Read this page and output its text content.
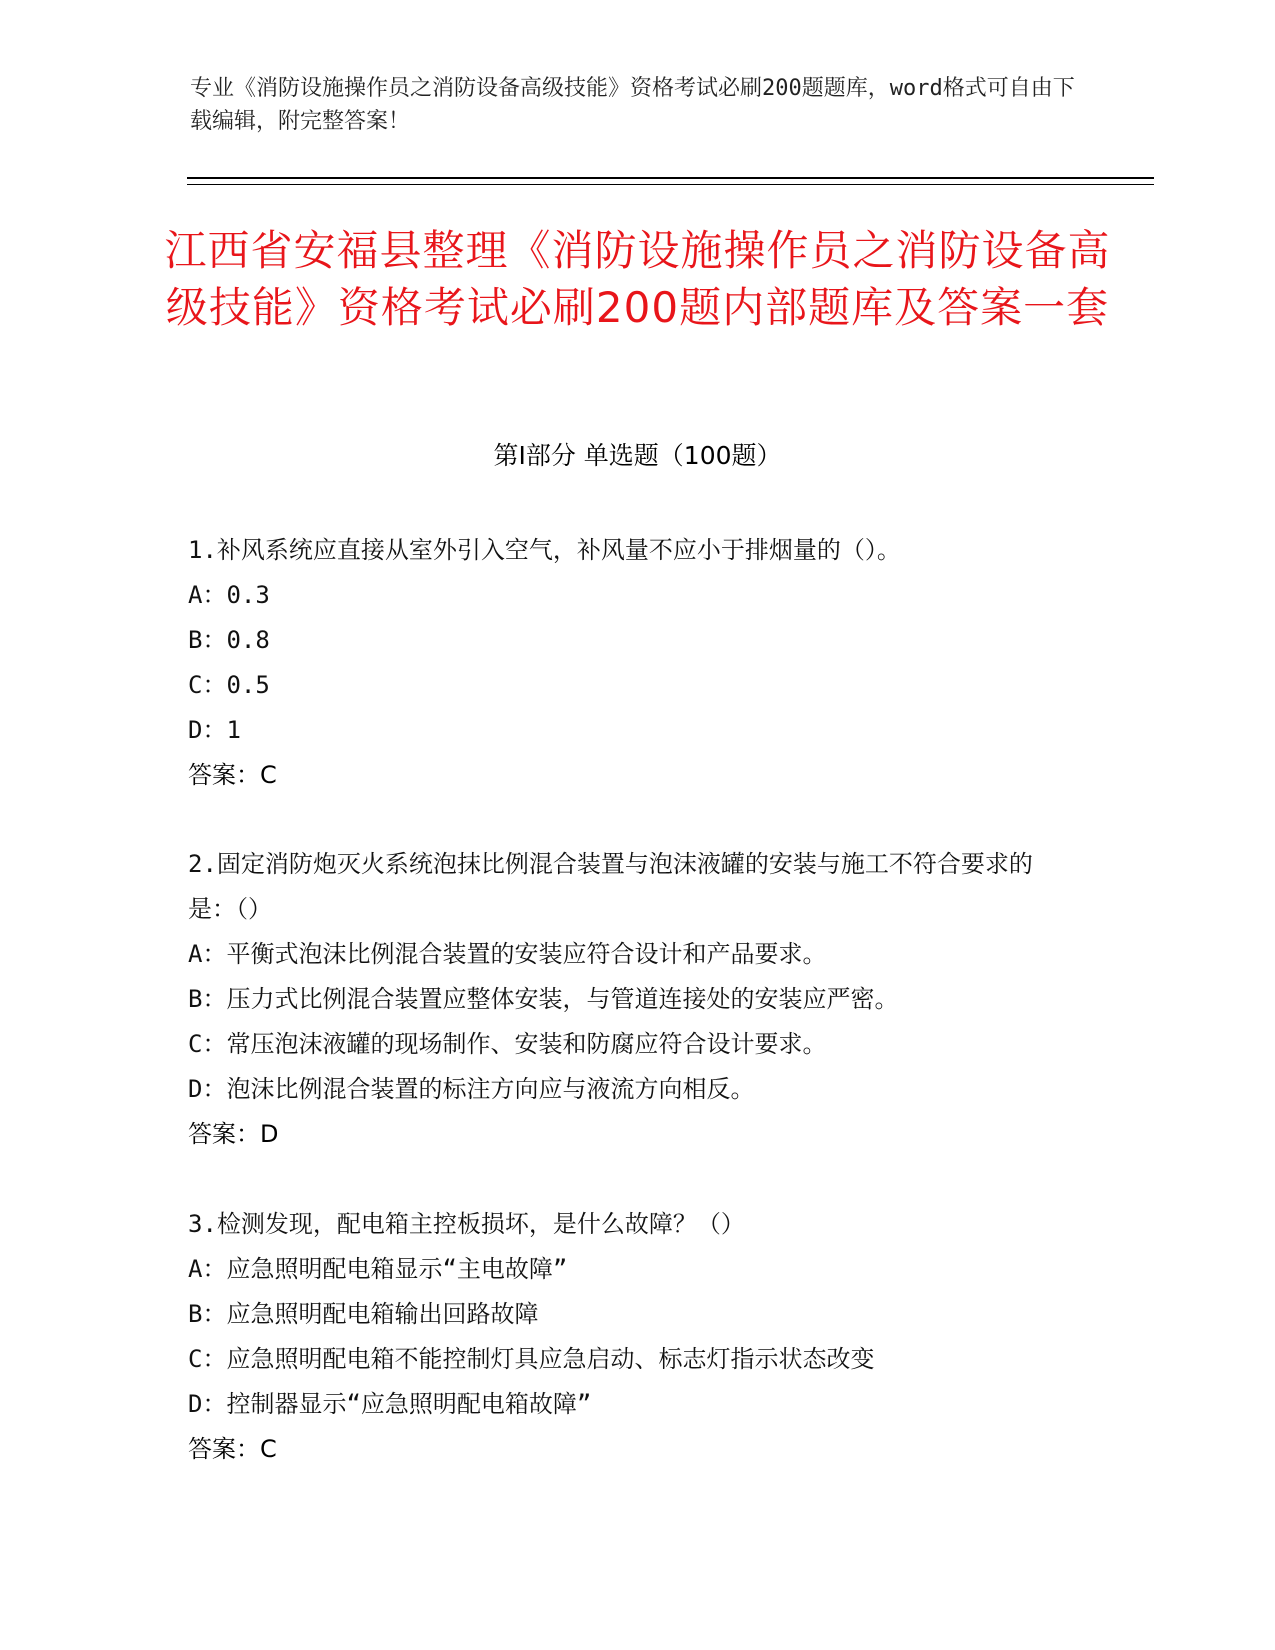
专业《消防设施操作员之消防设备高级技能》资格考试必刷200题题库，word格式可自由下载编辑，附完整答案！
江西省安福县整理《消防设施操作员之消防设备高级技能》资格考试必刷200题内部题库及答案一套
第Ⅰ部分 单选题（100题）

1.补风系统应直接从室外引入空气，补风量不应小于排烟量的（）。

A：0.3

B：0.8

C：0.5

D：1

答案：C

2.固定消防炮灭火系统泡抹比例混合装置与泡沫液罐的安装与施工不符合要求的是：（）

A：平衡式泡沫比例混合装置的安装应符合设计和产品要求。

B：压力式比例混合装置应整体安装，与管道连接处的安装应严密。

C：常压泡沫液罐的现场制作、安装和防腐应符合设计要求。

D：泡沫比例混合装置的标注方向应与液流方向相反。

答案：D

3.检测发现，配电箱主控板损坏，是什么故障？（）

A：应急照明配电箱显示“主电故障”

B：应急照明配电箱输出回路故障

C：应急照明配电箱不能控制灯具应急启动、标志灯指示状态改变

D：控制器显示“应急照明配电箱故障”

答案：C
